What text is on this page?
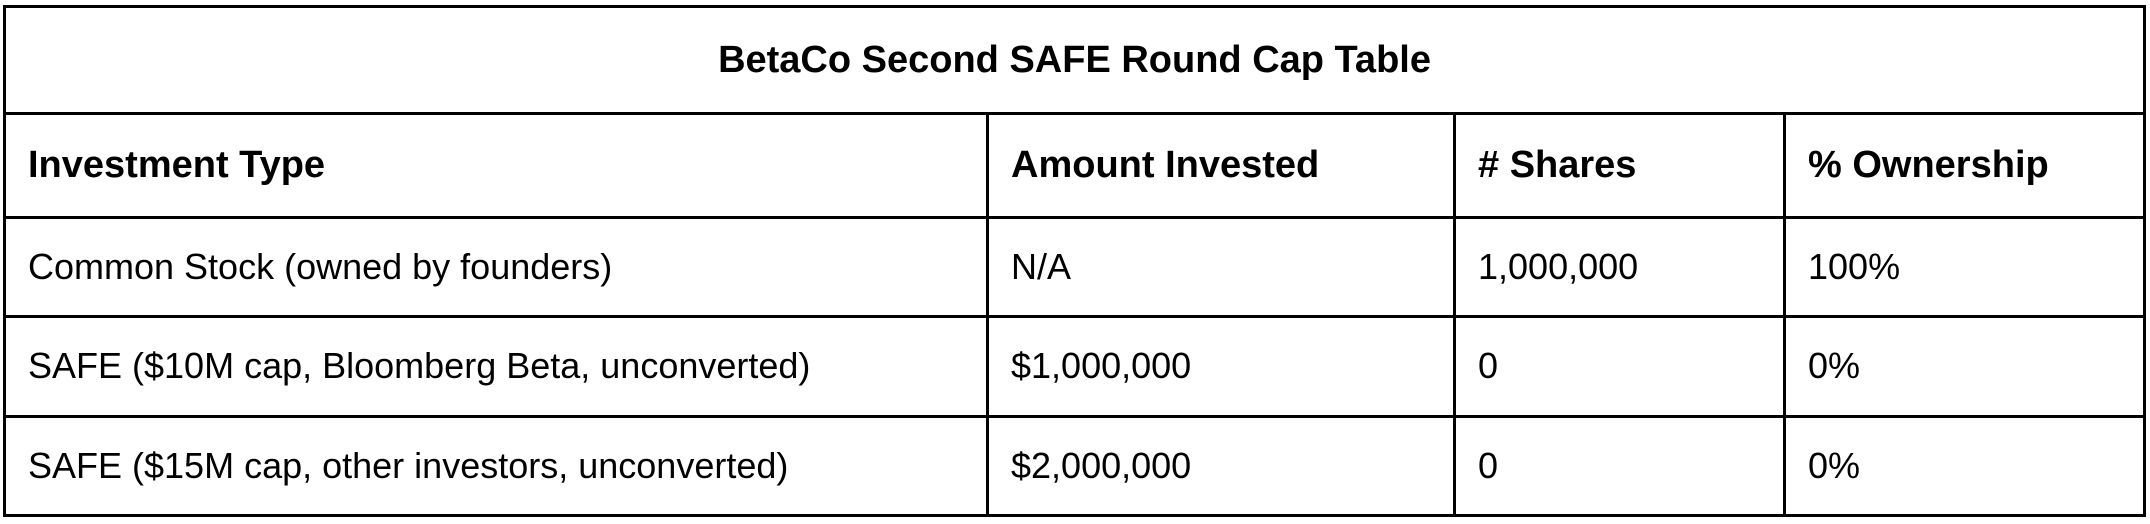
BetaCo Second SAFE Round Cap Table			
Investment Type	Amount Invested	# Shares	% Ownership
Common Stock (owned by founders)	N/A	1,000,000	100%
SAFE ($10M cap, Bloomberg Beta, unconverted)	$1,000,000	0	0%
SAFE ($15M cap, other investors, unconverted)	$2,000,000	0	0%
